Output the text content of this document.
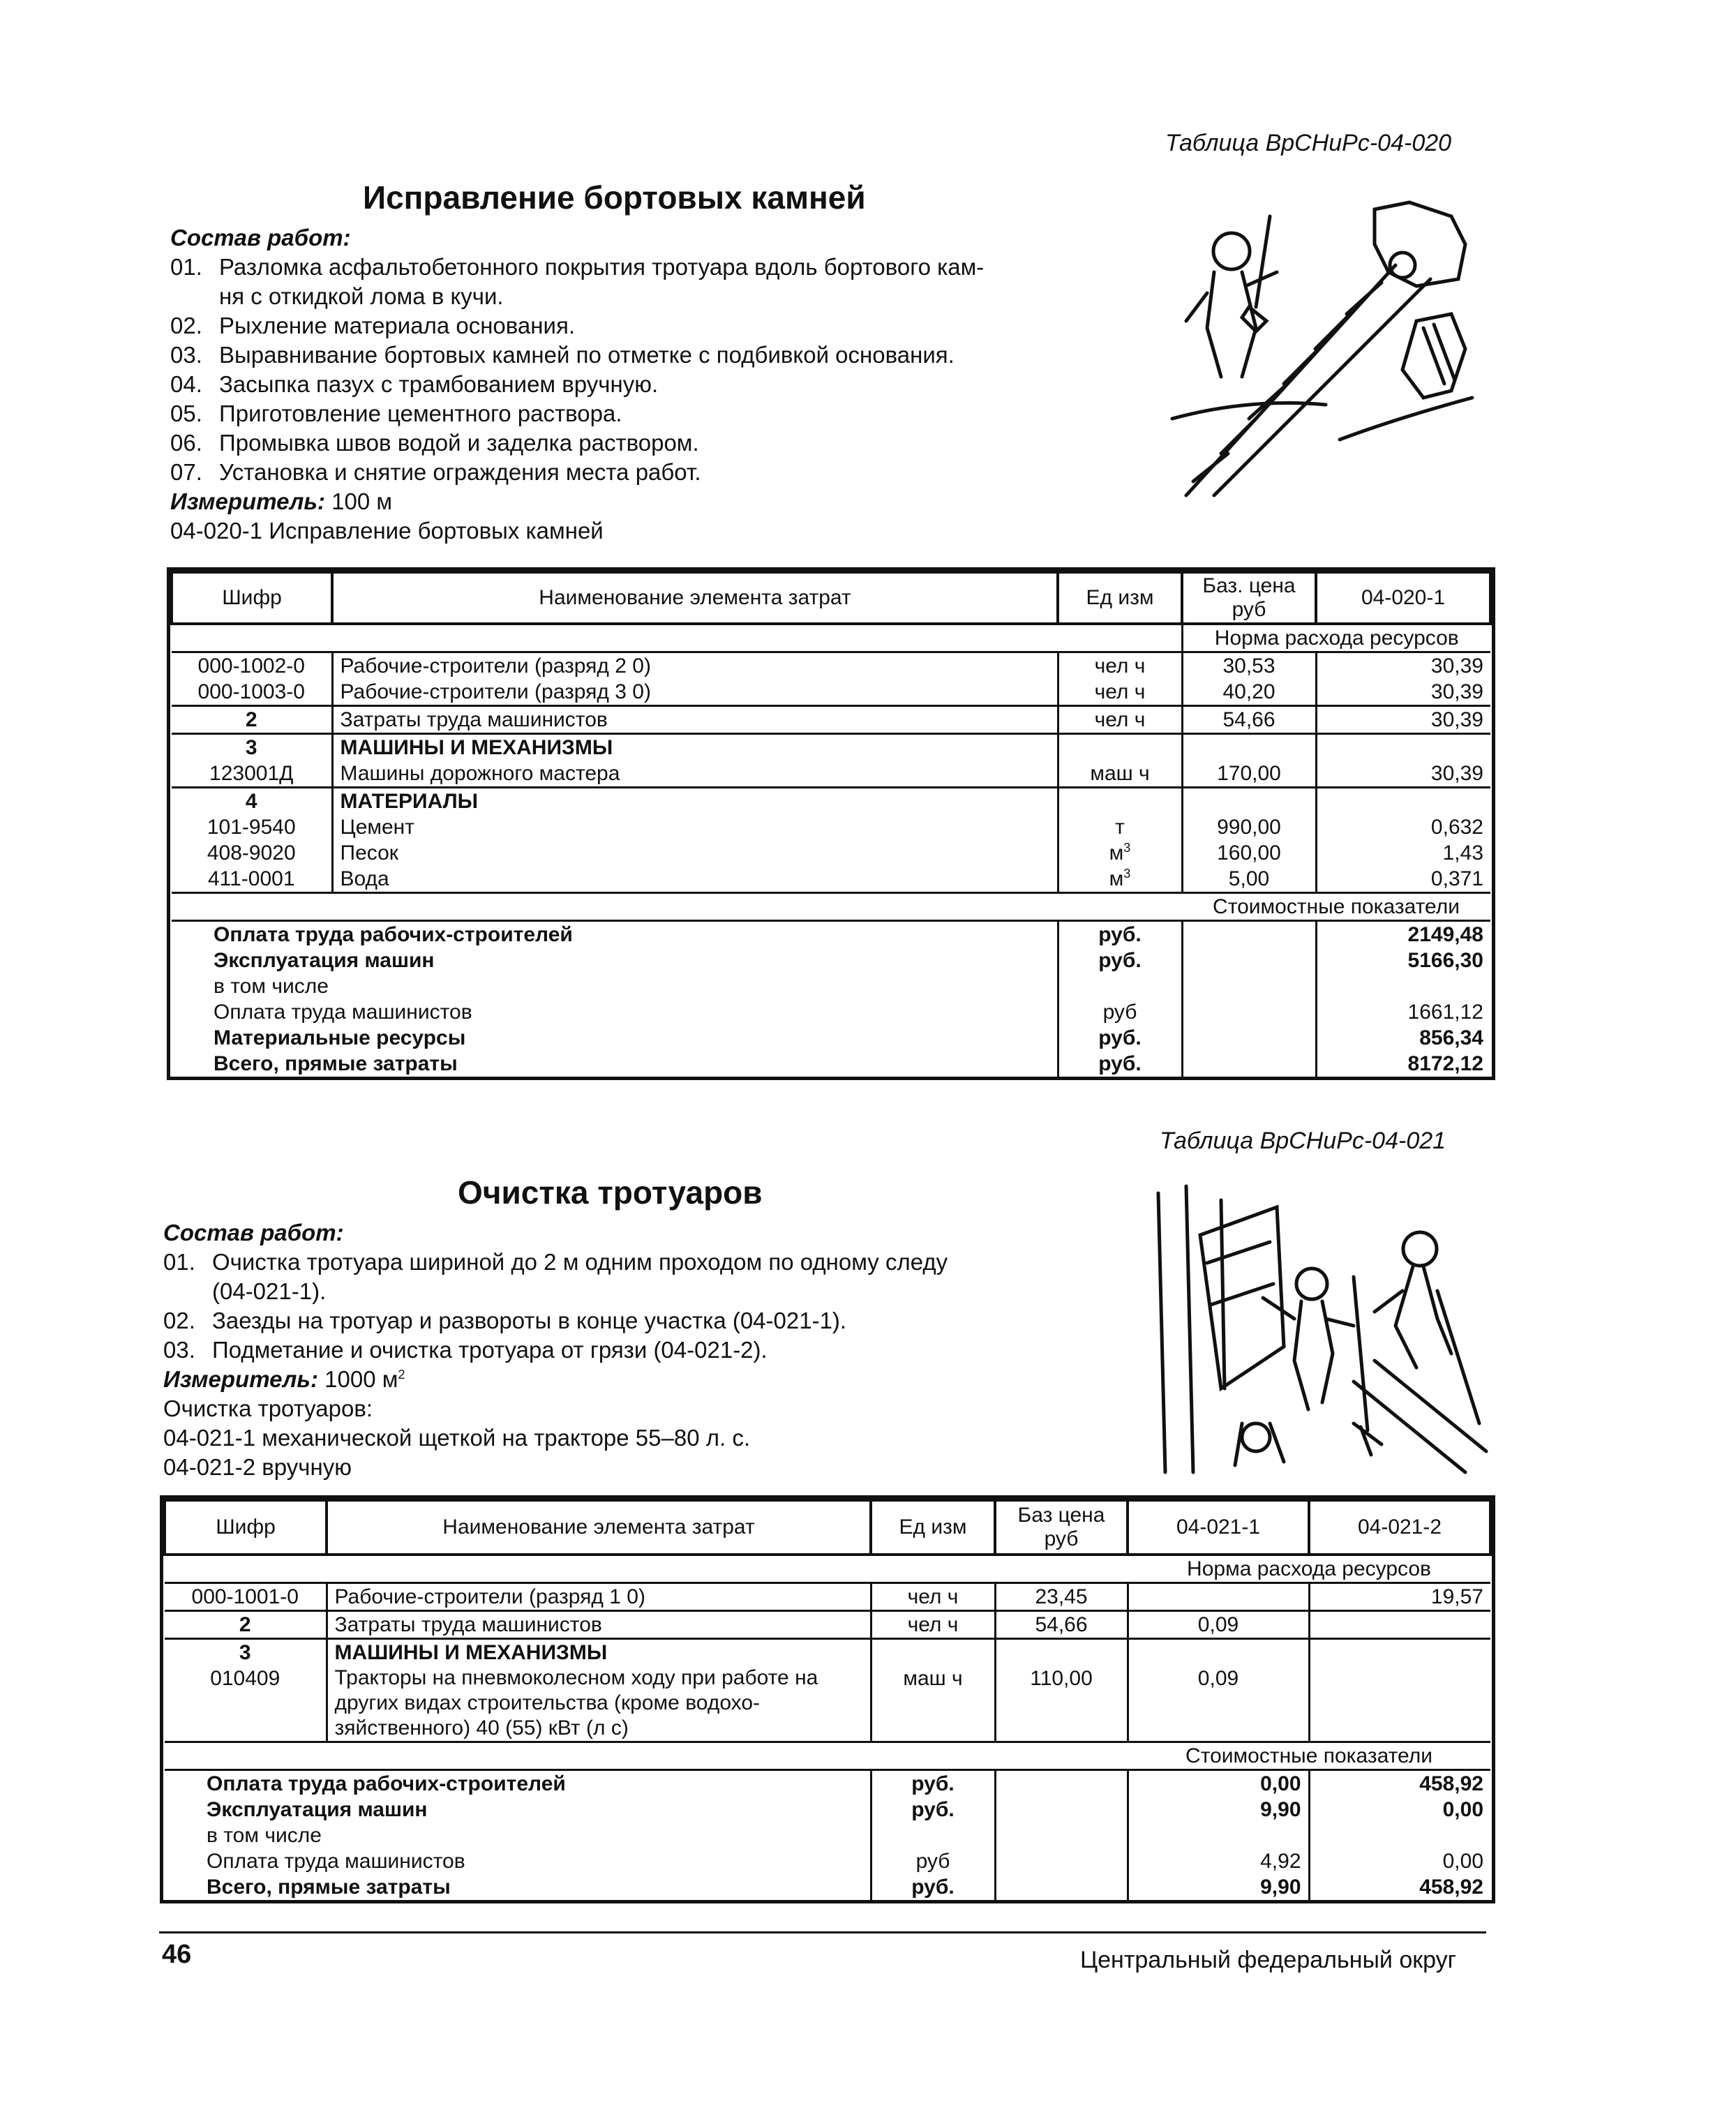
Таблица ВрСНиРс-04-020
Исправление бортовых камней
Состав работ:
01. Разломка асфальтобетонного покрытия тротуара вдоль бортового кам-
ня с откидкой лома в кучи.
02. Рыхление материала основания.
03. Выравнивание бортовых камней по отметке с подбивкой основания.
04. Засыпка пазух с трамбованием вручную.
05. Приготовление цементного раствора.
06. Промывка швов водой и заделка раствором.
07. Установка и снятие ограждения места работ.
Измеритель: 100 м
04-020-1 Исправление бортовых камней
Шифр	Наименование элемента затрат	Ед изм	Баз. цена руб	04-020-1
			Норма расхода ресурсов	
000-1002-0	Рабочие-строители (разряд 2 0)	чел ч	30,53	30,39
000-1003-0	Рабочие-строители (разряд 3 0)	чел ч	40,20	30,39
2	Затраты труда машинистов	чел ч	54,66	30,39
3	МАШИНЫ И МЕХАНИЗМЫ			
123001Д	Машины дорожного мастера	маш ч	170,00	30,39
4	МАТЕРИАЛЫ			
101-9540	Цемент	т	990,00	0,632
408-9020	Песок	$м^3$	160,00	1,43
411-0001	Вода	$м^3$	5,00	0,371
			Стоимостные показатели	
Оплата труда рабочих-строителей		руб.		2149,48
Эксплуатация машин		руб.		5166,30
в том числе				
Оплата труда машинистов		руб		1661,12
Материальные ресурсы		руб.		856,34
Всего, прямые затраты		руб.		8172,12
Таблица ВрСНиРс-04-021
Очистка тротуаров
Состав работ:
01. Очистка тротуара шириной до 2 м одним проходом по одному следу
(04-021-1).
02. Заезды на тротуар и развороты в конце участка (04-021-1).
03. Подметание и очистка тротуара от грязи (04-021-2).
Измеритель: 1000 $м^2$
Очистка тротуаров:
04-021-1 механической щеткой на тракторе 55–80 л. с.
04-021-2 вручную
Шифр	Наименование элемента затрат	Ед изм	Баз цена руб	04-021-1	04-021-2
				Норма расхода ресурсов	
000-1001-0	Рабочие-строители (разряд 1 0)	чел ч	23,45		19,57
2	Затраты труда машинистов	чел ч	54,66	0,09	
3	МАШИНЫ И МЕХАНИЗМЫ				
010409	Тракторы на пневмоколесном ходу при работе на других видах строительства (кроме водохо-зяйственного) 40 (55) кВт (л с)	маш ч	110,00	0,09	
				Стоимостные показатели	
Оплата труда рабочих-строителей		руб.		0,00	458,92
Эксплуатация машин		руб.		9,90	0,00
в том числе					
Оплата труда машинистов		руб		4,92	0,00
Всего, прямые затраты		руб.		9,90	458,92
46	Центральный федеральный округ
